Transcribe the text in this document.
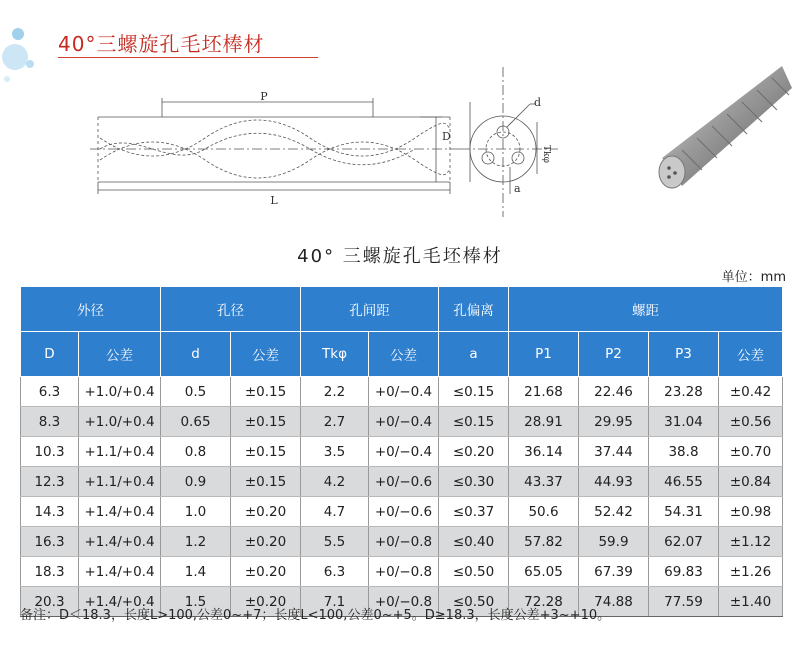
40°三螺旋孔毛坯棒材
P
L
D
d
Tkφ
a
40° 三螺旋孔毛坯棒材
单位：mm
外径		孔径		孔间距		孔偏离	螺距			
D	公差	d	公差	Tkφ	公差	a	P1	P2	P3	公差
6.3	+1.0/+0.4	0.5	±0.15	2.2	+0/−0.4	≤0.15	21.68	22.46	23.28	±0.42
8.3	+1.0/+0.4	0.65	±0.15	2.7	+0/−0.4	≤0.15	28.91	29.95	31.04	±0.56
10.3	+1.1/+0.4	0.8	±0.15	3.5	+0/−0.4	≤0.20	36.14	37.44	38.8	±0.70
12.3	+1.1/+0.4	0.9	±0.15	4.2	+0/−0.6	≤0.30	43.37	44.93	46.55	±0.84
14.3	+1.4/+0.4	1.0	±0.20	4.7	+0/−0.6	≤0.37	50.6	52.42	54.31	±0.98
16.3	+1.4/+0.4	1.2	±0.20	5.5	+0/−0.8	≤0.40	57.82	59.9	62.07	±1.12
18.3	+1.4/+0.4	1.4	±0.20	6.3	+0/−0.8	≤0.50	65.05	67.39	69.83	±1.26
20.3	+1.4/+0.4	1.5	±0.20	7.1	+0/−0.8	≤0.50	72.28	74.88	77.59	±1.40
备注：D＜18.3，长度L>100,公差0~+7；长度L<100,公差0~+5。D≥18.3，长度公差+3~+10。
